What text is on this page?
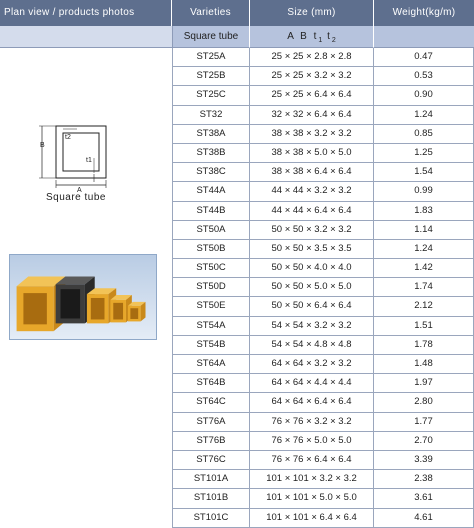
Plan view / products photos	Varieties	Size (mm)	Weight(kg/m)
Square tube	A B $t_1$ $t_2$
ST25A	25 × 25 × 2.8 × 2.8	0.47
ST25B	25 × 25 × 3.2 × 3.2	0.53
ST25C	25 × 25 × 6.4 × 6.4	0.90
ST32	32 × 32 × 6.4 × 6.4	1.24
ST38A	38 × 38 × 3.2 × 3.2	0.85
ST38B	38 × 38 × 5.0 × 5.0	1.25
ST38C	38 × 38 × 6.4 × 6.4	1.54
ST44A	44 × 44 × 3.2 × 3.2	0.99
ST44B	44 × 44 × 6.4 × 6.4	1.83
ST50A	50 × 50 × 3.2 × 3.2	1.14
ST50B	50 × 50 × 3.5 × 3.5	1.24
ST50C	50 × 50 × 4.0 × 4.0	1.42
ST50D	50 × 50 × 5.0 × 5.0	1.74
ST50E	50 × 50 × 6.4 × 6.4	2.12
ST54A	54 × 54 × 3.2 × 3.2	1.51
ST54B	54 × 54 × 4.8 × 4.8	1.78
ST64A	64 × 64 × 3.2 × 3.2	1.48
ST64B	64 × 64 × 4.4 × 4.4	1.97
ST64C	64 × 64 × 6.4 × 6.4	2.80
ST76A	76 × 76 × 3.2 × 3.2	1.77
ST76B	76 × 76 × 5.0 × 5.0	2.70
ST76C	76 × 76 × 6.4 × 6.4	3.39
ST101A	101 × 101 × 3.2 × 3.2	2.38
ST101B	101 × 101 × 5.0 × 5.0	3.61
ST101C	101 × 101 × 6.4 × 6.4	4.61
B
A
t2
t1
Square tube
